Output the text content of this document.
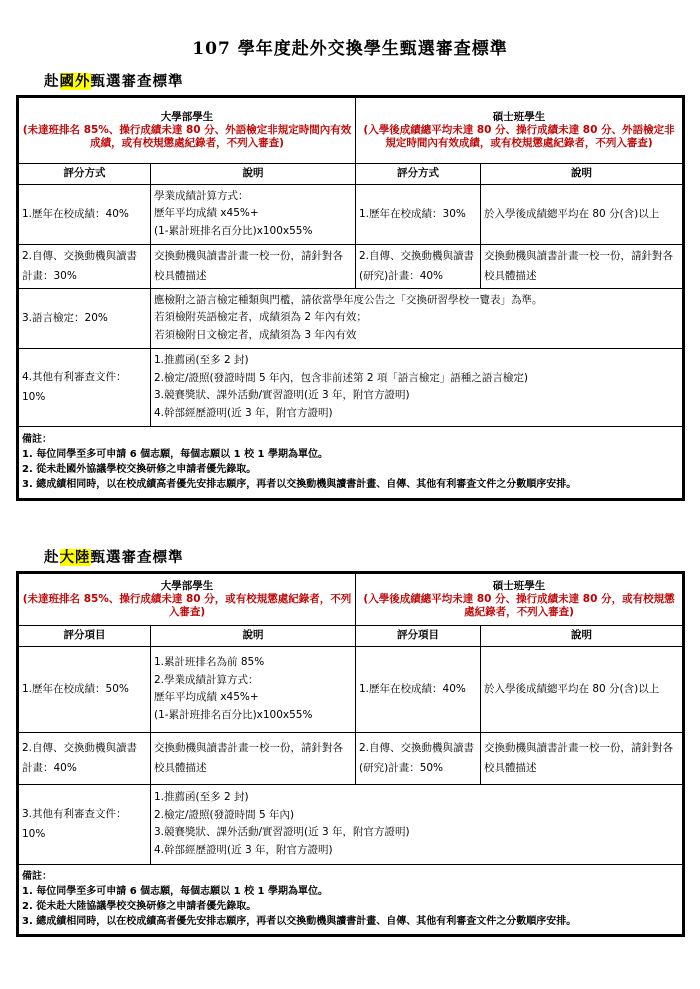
107 學年度赴外交換學生甄選審查標準
赴國外甄選審查標準
大學部學生
(未達班排名 85%、操行成績未達 80 分、外語檢定非規定時間內有效成績，或有校規懲處紀錄者，不列入審查)		碩士班學生
(入學後成績總平均未達 80 分、操行成績未達 80 分、外語檢定非規定時間內有效成績，或有校規懲處紀錄者，不列入審查)	

評分方式	說明	評分方式	說明
1.歷年在校成績：40%	學業成績計算方式：
歷年平均成績 x45%+
(1-累計班排名百分比)x100x55%	1.歷年在校成績：30%	於入學後成績總平均在 80 分(含)以上
2.自傳、交換動機與讀書計畫：30%	交換動機與讀書計畫一校一份，請針對各校具體描述	2.自傳、交換動機與讀書(研究)計畫：40%	交換動機與讀書計畫一校一份，請針對各校具體描述
3.語言檢定：20%	應檢附之語言檢定種類與門檻，請依當學年度公告之「交換研習學校一覽表」為準。
若須檢附英語檢定者，成績須為 2 年內有效；
若須檢附日文檢定者，成績須為 3 年內有效		

4.其他有利審查文件：10%	1.推薦函(至多 2 封)
2.檢定/證照(發證時間 5 年內，包含非前述第 2 項「語言檢定」語種之語言檢定)
3.競賽獎狀、課外活動/實習證明(近 3 年，附官方證明)
4.幹部經歷證明(近 3 年，附官方證明)		

備註：
1. 每位同學至多可申請 6 個志願，每個志願以 1 校 1 學期為單位。
2. 從未赴國外協議學校交換研修之申請者優先錄取。
3. 總成績相同時，以在校成績高者優先安排志願序，再者以交換動機與讀書計畫、自傳、其他有利審查文件之分數順序安排。			
赴大陸甄選審查標準
大學部學生
(未達班排名 85%、操行成績未達 80 分，或有校規懲處紀錄者，不列入審查)		碩士班學生
(入學後成績總平均未達 80 分、操行成績未達 80 分，或有校規懲處紀錄者，不列入審查)	

評分項目	說明	評分項目	說明
1.歷年在校成績：50%	1.累計班排名為前 85%
2.學業成績計算方式：
歷年平均成績 x45%+
(1-累計班排名百分比)x100x55%	1.歷年在校成績：40%	於入學後成績總平均在 80 分(含)以上
2.自傳、交換動機與讀書計畫：40%	交換動機與讀書計畫一校一份，請針對各校具體描述	2.自傳、交換動機與讀書(研究)計畫：50%	交換動機與讀書計畫一校一份，請針對各校具體描述
3.其他有利審查文件：10%	1.推薦函(至多 2 封)
2.檢定/證照(發證時間 5 年內)
3.競賽獎狀、課外活動/實習證明(近 3 年，附官方證明)
4.幹部經歷證明(近 3 年，附官方證明)		

備註：
1. 每位同學至多可申請 6 個志願，每個志願以 1 校 1 學期為單位。
2. 從未赴大陸協議學校交換研修之申請者優先錄取。
3. 總成績相同時，以在校成績高者優先安排志願序，再者以交換動機與讀書計畫、自傳、其他有利審查文件之分數順序安排。			
